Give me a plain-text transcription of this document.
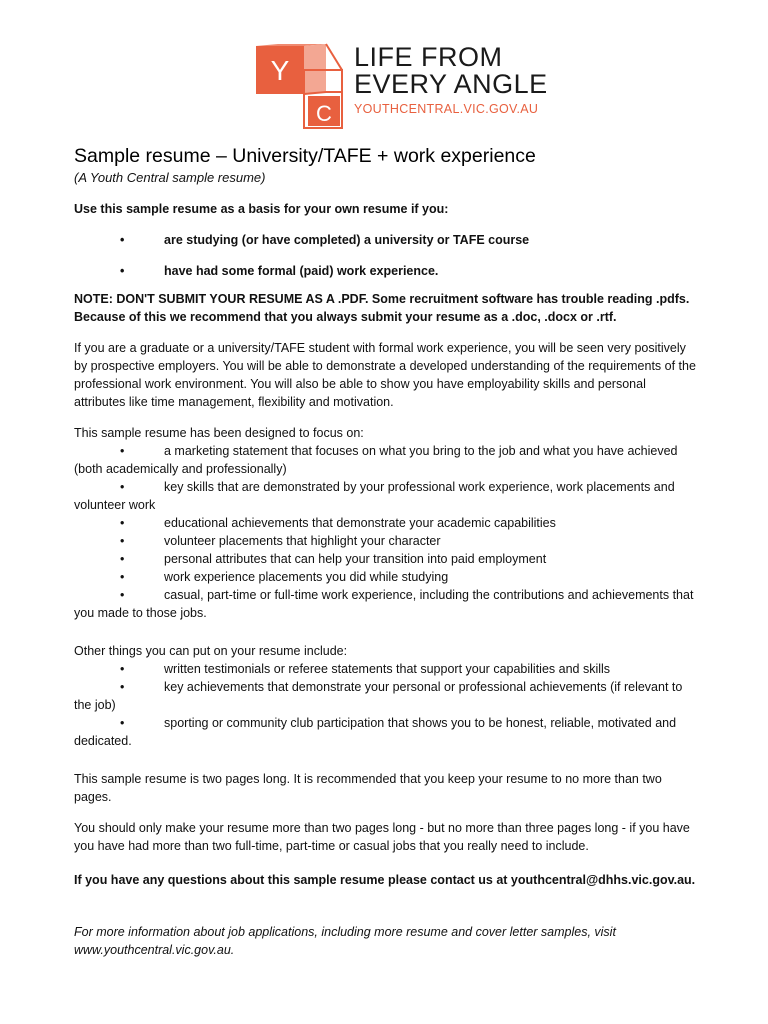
Y
C
LIFE FROM
EVERY ANGLE
YOUTHCENTRAL.VIC.GOV.AU
Sample resume – University/TAFE + work experience
(A Youth Central sample resume)

Use this sample resume as a basis for your own resume if you:

• are studying (or have completed) a university or TAFE course
• have had some formal (paid) work experience.

NOTE: DON'T SUBMIT YOUR RESUME AS A .PDF. Some recruitment software has trouble reading .pdfs. Because of this we recommend that you always submit your resume as a .doc, .docx or .rtf.

If you are a graduate or a university/TAFE student with formal work experience, you will be seen very positively by prospective employers. You will be able to demonstrate a developed understanding of the requirements of the professional work environment. You will also be able to show you have employability skills and personal attributes like time management, flexibility and motivation.

This sample resume has been designed to focus on:

• a marketing statement that focuses on what you bring to the job and what you have achieved (both academically and professionally)
• key skills that are demonstrated by your professional work experience, work placements and volunteer work
• educational achievements that demonstrate your academic capabilities
• volunteer placements that highlight your character
• personal attributes that can help your transition into paid employment
• work experience placements you did while studying
• casual, part-time or full-time work experience, including the contributions and achievements that you made to those jobs.

Other things you can put on your resume include:

• written testimonials or referee statements that support your capabilities and skills
• key achievements that demonstrate your personal or professional achievements (if relevant to the job)
• sporting or community club participation that shows you to be honest, reliable, motivated and dedicated.

This sample resume is two pages long. It is recommended that you keep your resume to no more than two pages.

You should only make your resume more than two pages long - but no more than three pages long - if you have you have had more than two full-time, part-time or casual jobs that you really need to include.

If you have any questions about this sample resume please contact us at youthcentral@dhhs.vic.gov.au.

For more information about job applications, including more resume and cover letter samples, visit www.youthcentral.vic.gov.au.
